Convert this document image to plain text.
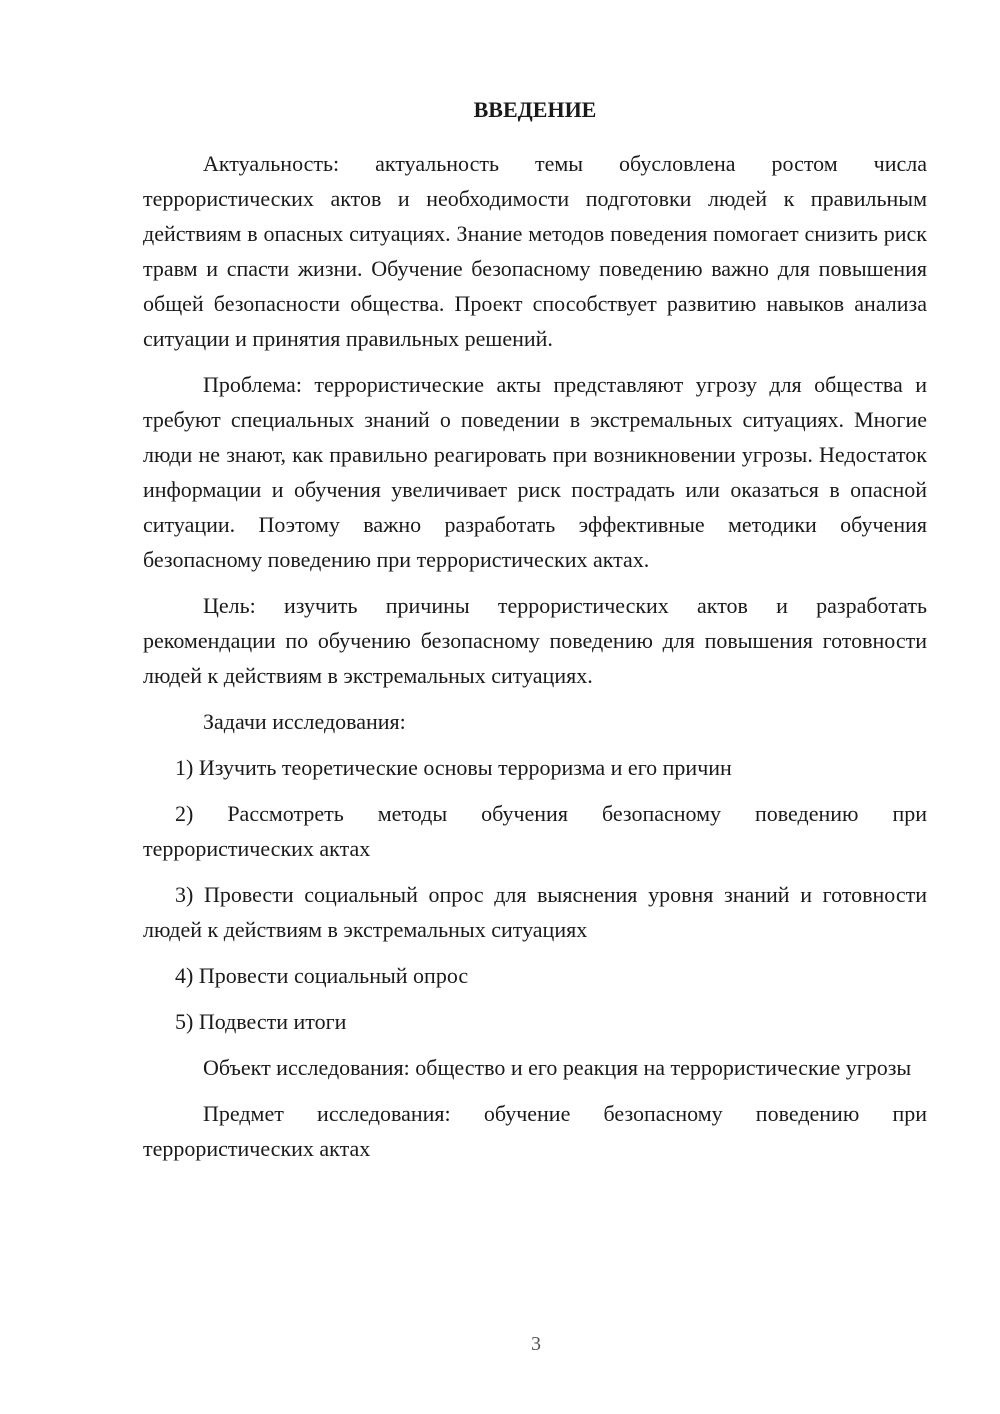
ВВЕДЕНИЕ

Актуальность: актуальность темы обусловлена ростом числа террористических актов и необходимости подготовки людей к правильным действиям в опасных ситуациях. Знание методов поведения помогает снизить риск травм и спасти жизни. Обучение безопасному поведению важно для повышения общей безопасности общества. Проект способствует развитию навыков анализа ситуации и принятия правильных решений.

Проблема: террористические акты представляют угрозу для общества и требуют специальных знаний о поведении в экстремальных ситуациях. Многие люди не знают, как правильно реагировать при возникновении угрозы. Недостаток информации и обучения увеличивает риск пострадать или оказаться в опасной ситуации. Поэтому важно разработать эффективные методики обучения безопасному поведению при террористических актах.

Цель: изучить причины террористических актов и разработать рекомендации по обучению безопасному поведению для повышения готовности людей к действиям в экстремальных ситуациях.

Задачи исследования:

1) Изучить теоретические основы терроризма и его причин

2) Рассмотреть методы обучения безопасному поведению при террористических актах

3) Провести социальный опрос для выяснения уровня знаний и готовности людей к действиям в экстремальных ситуациях

4) Провести социальный опрос

5) Подвести итоги

Объект исследования: общество и его реакция на террористические угрозы

Предмет исследования: обучение безопасному поведению при террористических актах

3
